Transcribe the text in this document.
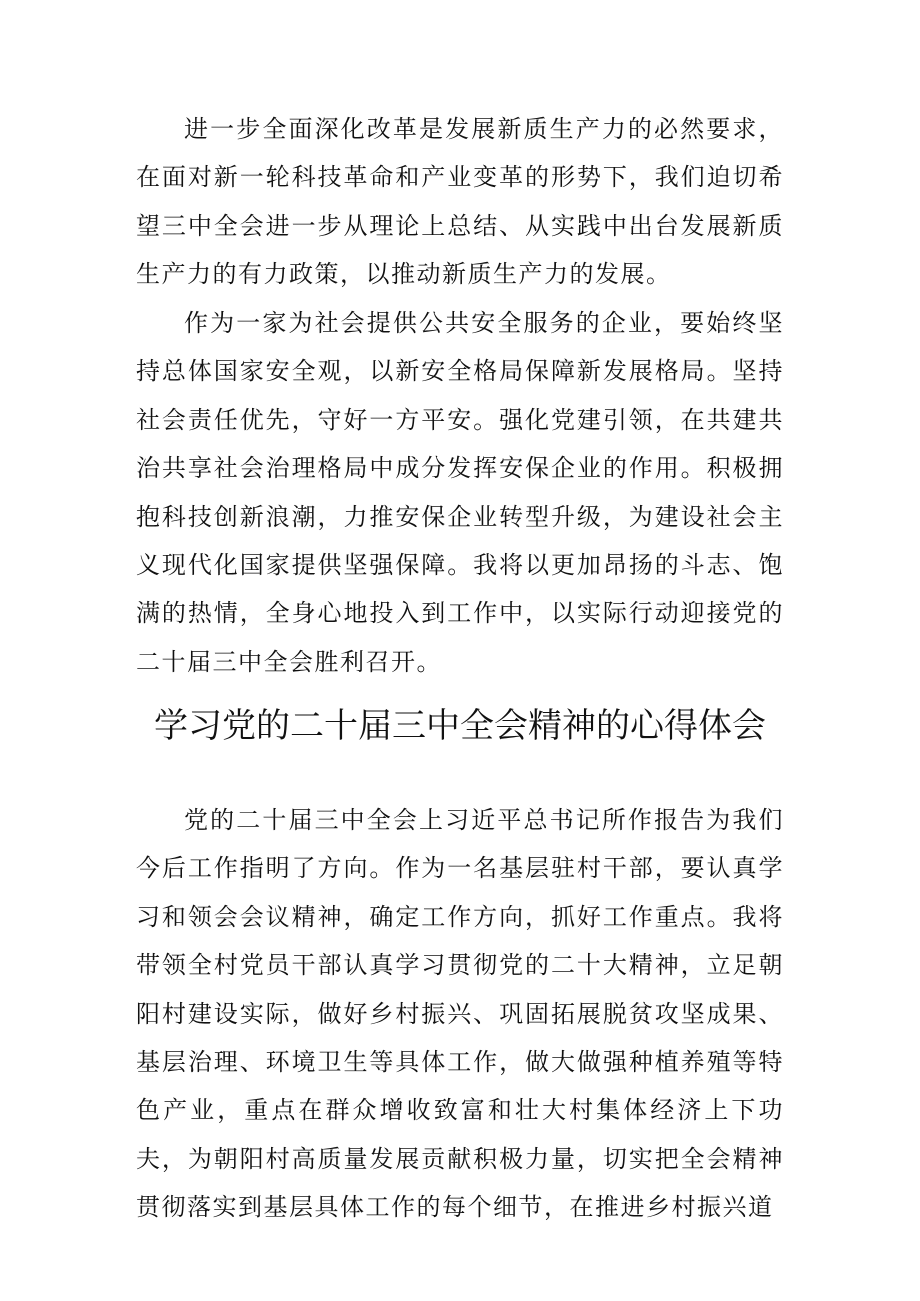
进一步全面深化改革是发展新质生产力的必然要求，在面对新一轮科技革命和产业变革的形势下，我们迫切希望三中全会进一步从理论上总结、从实践中出台发展新质生产力的有力政策，以推动新质生产力的发展。

作为一家为社会提供公共安全服务的企业，要始终坚持总体国家安全观，以新安全格局保障新发展格局。坚持社会责任优先，守好一方平安。强化党建引领，在共建共治共享社会治理格局中成分发挥安保企业的作用。积极拥抱科技创新浪潮，力推安保企业转型升级，为建设社会主义现代化国家提供坚强保障。我将以更加昂扬的斗志、饱满的热情，全身心地投入到工作中，以实际行动迎接党的二十届三中全会胜利召开。

学习党的二十届三中全会精神的心得体会

党的二十届三中全会上习近平总书记所作报告为我们今后工作指明了方向。作为一名基层驻村干部，要认真学习和领会会议精神，确定工作方向，抓好工作重点。我将带领全村党员干部认真学习贯彻党的二十大精神，立足朝阳村建设实际，做好乡村振兴、巩固拓展脱贫攻坚成果、基层治理、环境卫生等具体工作，做大做强种植养殖等特色产业，重点在群众增收致富和壮大村集体经济上下功夫，为朝阳村高质量发展贡献积极力量，切实把全会精神贯彻落实到基层具体工作的每个细节，在推进乡村振兴道
